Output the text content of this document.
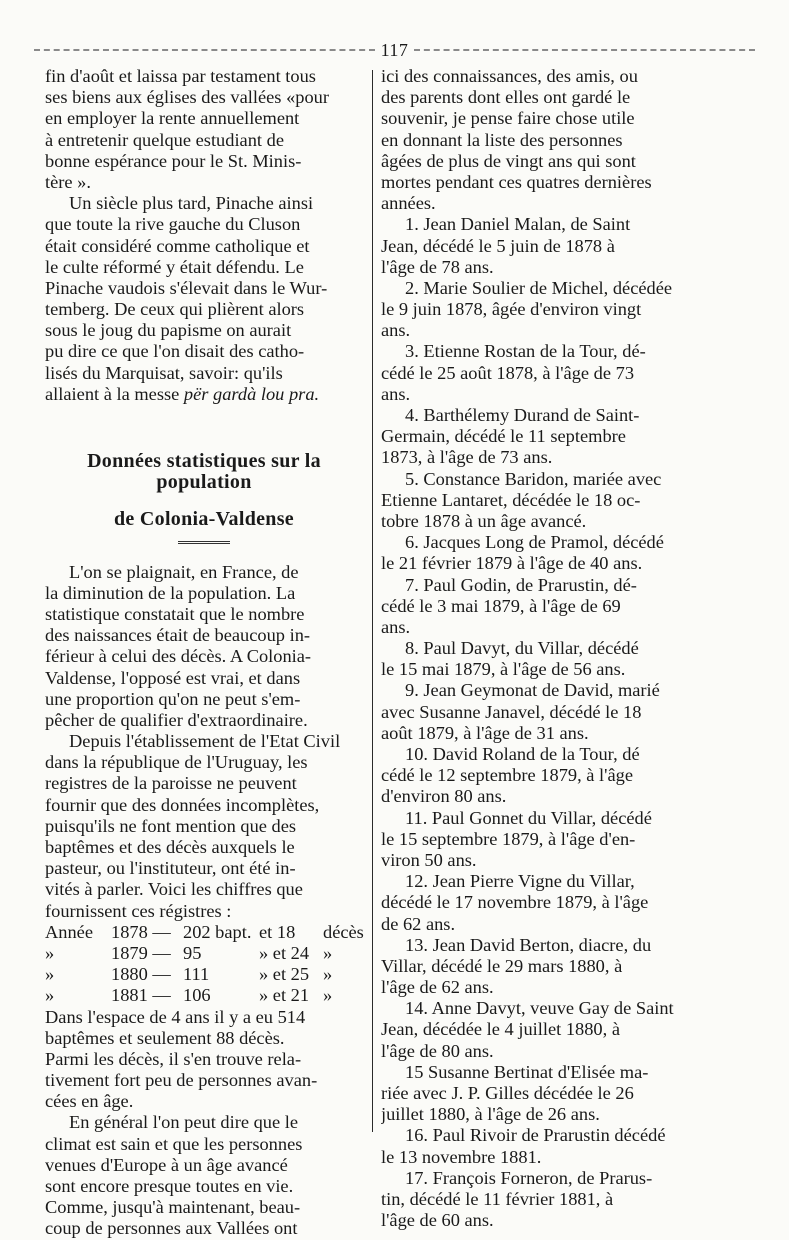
117
fin d'août et laissa par testament tous
ses biens aux églises des vallées «pour
en employer la rente annuellement
à entretenir quelque estudiant de
bonne espérance pour le St. Minis-
tère ».
Un siècle plus tard, Pinache ainsi
que toute la rive gauche du Cluson
était considéré comme catholique et
le culte réformé y était défendu. Le
Pinache vaudois s'élevait dans le Wur-
temberg. De ceux qui plièrent alors
sous le joug du papisme on aurait
pu dire ce que l'on disait des catho-
lisés du Marquisat, savoir: qu'ils
allaient à la messe për gardà lou pra.
Données statistiques sur la population
de Colonia-Valdense
L'on se plaignait, en France, de
la diminution de la population. La
statistique constatait que le nombre
des naissances était de beaucoup in-
férieur à celui des décès. A Colonia-
Valdense, l'opposé est vrai, et dans
une proportion qu'on ne peut s'em-
pêcher de qualifier d'extraordinaire.
Depuis l'établissement de l'Etat Civil
dans la république de l'Uruguay, les
registres de la paroisse ne peuvent
fournir que des données incomplètes,
puisqu'ils ne font mention que des
baptêmes et des décès auxquels le
pasteur, ou l'instituteur, ont été in-
vités à parler. Voici les chiffres que
fournissent ces régistres :
Année 1878 — 202 bapt. et 18	décès
»	1879 — 95	» et 24 »
»	1880 — 111	» et 25 »
»	1881 — 106	» et 21 »
Dans l'espace de 4 ans il y a eu 514
baptêmes et seulement 88 décès.
Parmi les décès, il s'en trouve rela-
tivement fort peu de personnes avan-
cées en âge.
En général l'on peut dire que le
climat est sain et que les personnes
venues d'Europe à un âge avancé
sont encore presque toutes en vie.
Comme, jusqu'à maintenant, beau-
coup de personnes aux Vallées ont
ici des connaissances, des amis, ou
des parents dont elles ont gardé le
souvenir, je pense faire chose utile
en donnant la liste des personnes
âgées de plus de vingt ans qui sont
mortes pendant ces quatres dernières
années.
1. Jean Daniel Malan, de Saint
Jean, décédé le 5 juin de 1878 à
l'âge de 78 ans.
2. Marie Soulier de Michel, décédée
le 9 juin 1878, âgée d'environ vingt
ans.
3. Etienne Rostan de la Tour, dé-
cédé le 25 août 1878, à l'âge de 73
ans.
4. Barthélemy Durand de Saint-
Germain, décédé le 11 septembre
1873, à l'âge de 73 ans.
5. Constance Baridon, mariée avec
Etienne Lantaret, décédée le 18 oc-
tobre 1878 à un âge avancé.
6. Jacques Long de Pramol, décédé
le 21 février 1879 à l'âge de 40 ans.
7. Paul Godin, de Prarustin, dé-
cédé le 3 mai 1879, à l'âge de 69
ans.
8. Paul Davyt, du Villar, décédé
le 15 mai 1879, à l'âge de 56 ans.
9. Jean Geymonat de David, marié
avec Susanne Janavel, décédé le 18
août 1879, à l'âge de 31 ans.
10. David Roland de la Tour, dé
cédé le 12 septembre 1879, à l'âge
d'environ 80 ans.
11. Paul Gonnet du Villar, décédé
le 15 septembre 1879, à l'âge d'en-
viron 50 ans.
12. Jean Pierre Vigne du Villar,
décédé le 17 novembre 1879, à l'âge
de 62 ans.
13. Jean David Berton, diacre, du
Villar, décédé le 29 mars 1880, à
l'âge de 62 ans.
14. Anne Davyt, veuve Gay de Saint
Jean, décédée le 4 juillet 1880, à
l'âge de 80 ans.
15 Susanne Bertinat d'Elisée ma-
riée avec J. P. Gilles décédée le 26
juillet 1880, à l'âge de 26 ans.
16. Paul Rivoir de Prarustin décédé
le 13 novembre 1881.
17. François Forneron, de Prarus-
tin, décédé le 11 février 1881, à
l'âge de 60 ans.
